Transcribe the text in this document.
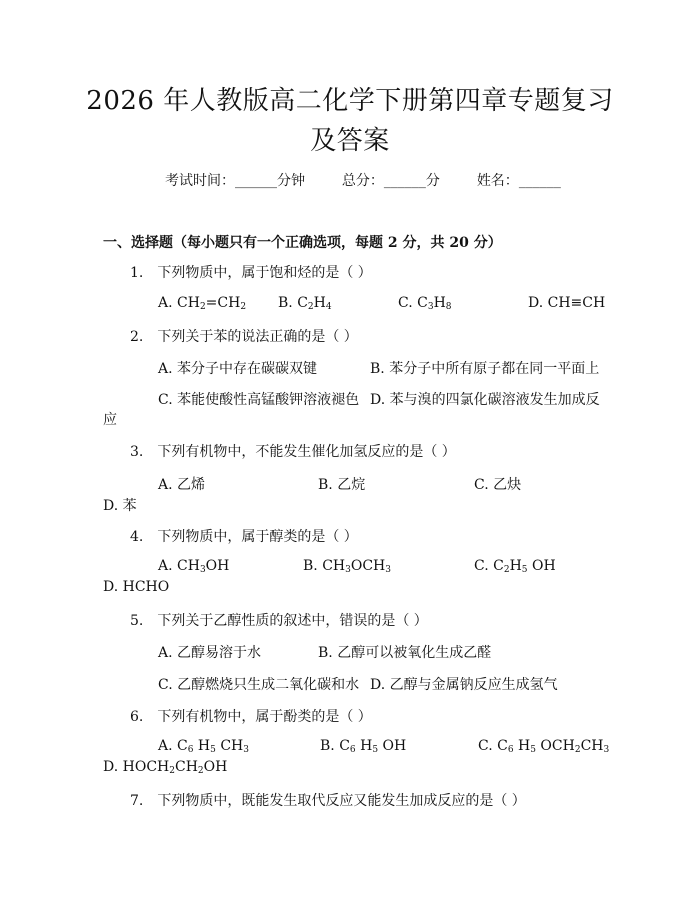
2026 年人教版高二化学下册第四章专题复习
及答案
考试时间：______分钟	总分：______分	姓名：______
一、选择题（每小题只有一个正确选项，每题 2 分，共 20 分）
1.　下列物质中，属于饱和烃的是（ ）
A. $CH_2=CH_2$ B. $C_2H_4$	C. $C_3H_8$	D. CH≡CH
2.　下列关于苯的说法正确的是（ ）
A. 苯分子中存在碳碳双键	B. 苯分子中所有原子都在同一平面上
C. 苯能使酸性高锰酸钾溶液褪色 D. 苯与溴的四氯化碳溶液发生加成反
应
3.　下列有机物中，不能发生催化加氢反应的是（ ）
A. 乙烯	B. 乙烷	C. 乙炔
D. 苯
4.　下列物质中，属于醇类的是（ ）
A. $CH_3OH$	B. $CH_3OCH_3$	C. $C_2H_5$ OH
D. HCHO
5.　下列关于乙醇性质的叙述中，错误的是（ ）
A. 乙醇易溶于水	B. 乙醇可以被氧化生成乙醛
C. 乙醇燃烧只生成二氧化碳和水 D. 乙醇与金属钠反应生成氢气
6.　下列有机物中，属于酚类的是（ ）
A. $C_6$ $H_5$ $CH_3$	B. $C_6$ $H_5$ OH	C. $C_6$ $H_5$ $OCH_2CH_3$
D. $HOCH_2CH_2OH$
7.　下列物质中，既能发生取代反应又能发生加成反应的是（ ）
